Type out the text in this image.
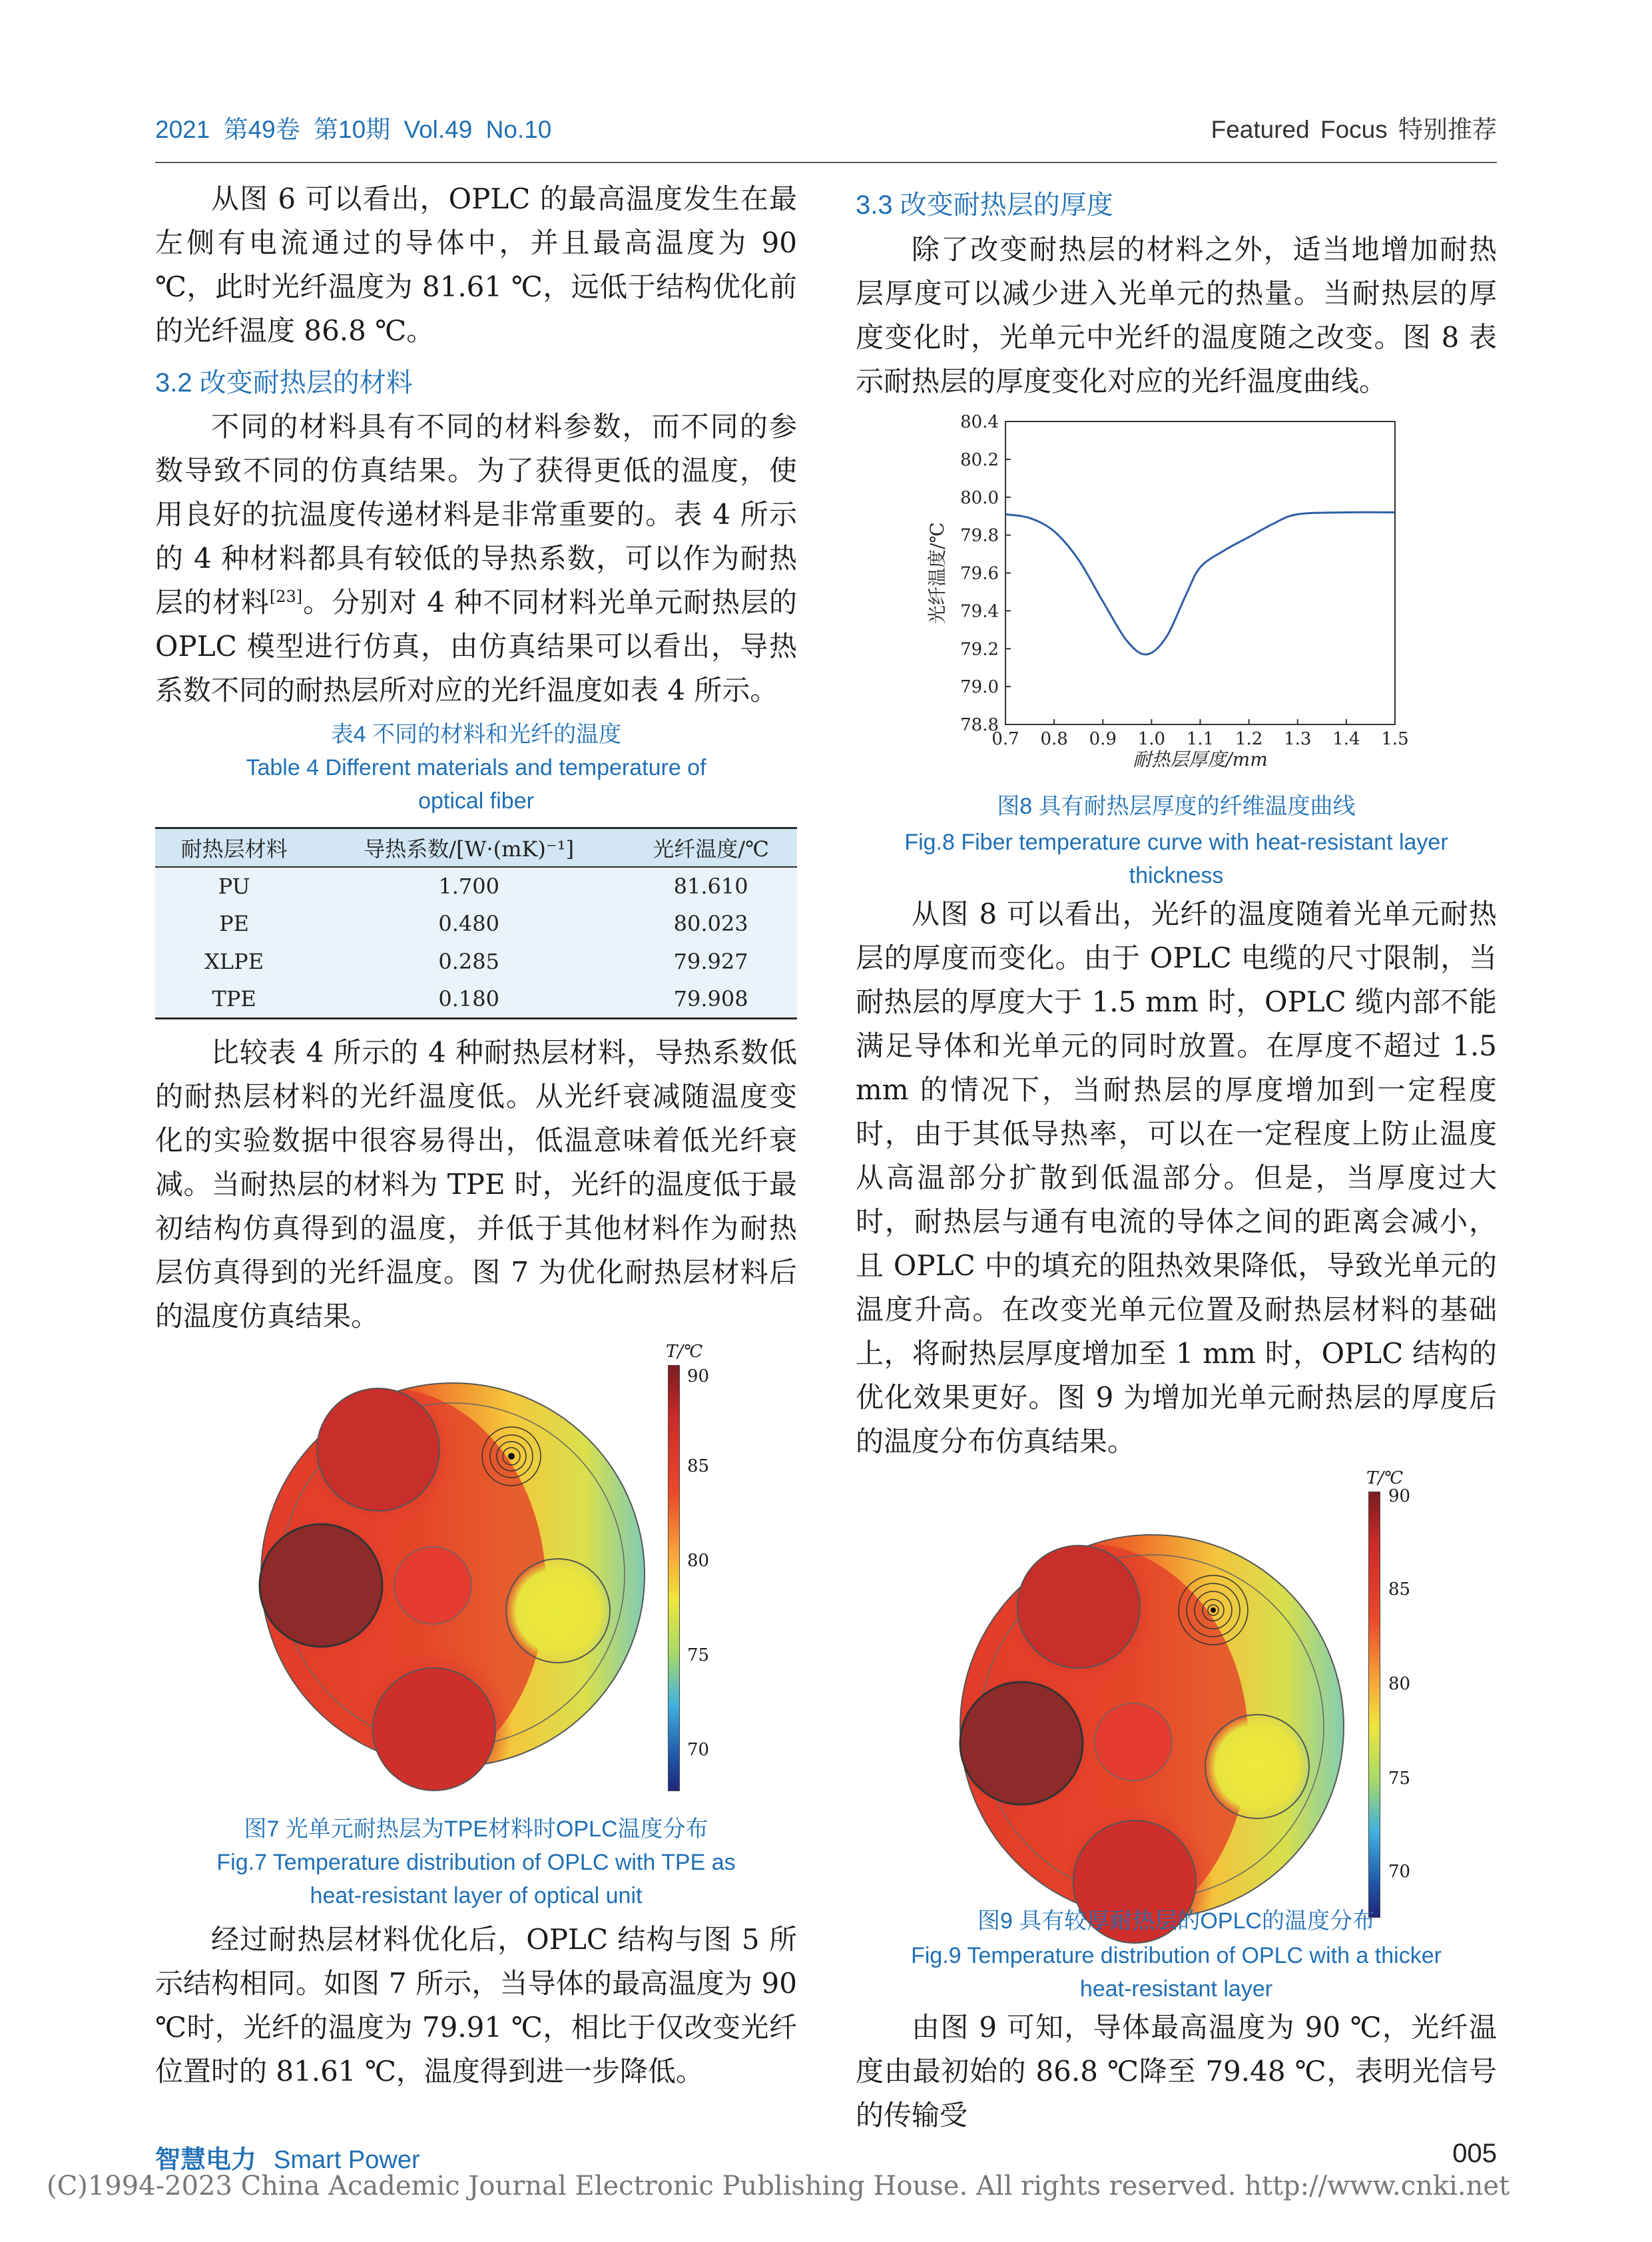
2021 第49卷 第10期 Vol.49 No.10	Featured Focus 特别推荐

从图 6 可以看出，OPLC 的最高温度发生在最左侧有电流通过的导体中，并且最高温度为 90 ℃，此时光纤温度为 81.61 ℃，远低于结构优化前的光纤温度 86.8 ℃。

3.2 改变耐热层的材料

不同的材料具有不同的材料参数，而不同的参数导致不同的仿真结果。为了获得更低的温度，使用良好的抗温度传递材料是非常重要的。表 4 所示的 4 种材料都具有较低的导热系数，可以作为耐热层的材料[23]。分别对 4 种不同材料光单元耐热层的 OPLC 模型进行仿真，由仿真结果可以看出，导热系数不同的耐热层所对应的光纤温度如表 4 所示。

表4 不同的材料和光纤的温度
Table 4 Different materials and temperature of optical fiber
耐热层材料	导热系数/[W·(mK)⁻¹]	光纤温度/℃
PU	1.700	81.610
PE	0.480	80.023
XLPE	0.285	79.927
TPE	0.180	79.908

比较表 4 所示的 4 种耐热层材料，导热系数低的耐热层材料的光纤温度低。从光纤衰减随温度变化的实验数据中很容易得出，低温意味着低光纤衰减。当耐热层的材料为 TPE 时，光纤的温度低于最初结构仿真得到的温度，并低于其他材料作为耐热层仿真得到的光纤温度。图 7 为优化耐热层材料后的温度仿真结果。

T/℃
90
85
80
75
70
图7 光单元耐热层为TPE材料时OPLC温度分布
Fig.7 Temperature distribution of OPLC with TPE as
heat-resistant layer of optical unit

经过耐热层材料优化后，OPLC 结构与图 5 所示结构相同。如图 7 所示，当导体的最高温度为 90 ℃时，光纤的温度为 79.91 ℃，相比于仅改变光纤位置时的 81.61 ℃，温度得到进一步降低。

3.3 改变耐热层的厚度

除了改变耐热层的材料之外，适当地增加耐热层厚度可以减少进入光单元的热量。当耐热层的厚度变化时，光单元中光纤的温度随之改变。图 8 表示耐热层的厚度变化对应的光纤温度曲线。

78.8
79.0
79.2
79.4
79.6
79.8
80.0
80.2
80.4
0.7 0.8 0.9 1.0 1.1 1.2 1.3 1.4 1.5
耐热层厚度/mm
光纤温度/℃
图8 具有耐热层厚度的纤维温度曲线
Fig.8 Fiber temperature curve with heat-resistant layer
thickness

从图 8 可以看出，光纤的温度随着光单元耐热层的厚度而变化。由于 OPLC 电缆的尺寸限制，当耐热层的厚度大于 1.5 mm 时，OPLC 缆内部不能满足导体和光单元的同时放置。在厚度不超过 1.5 mm 的情况下，当耐热层的厚度增加到一定程度时，由于其低导热率，可以在一定程度上防止温度从高温部分扩散到低温部分。但是，当厚度过大时，耐热层与通有电流的导体之间的距离会减小，且 OPLC 中的填充的阻热效果降低，导致光单元的温度升高。在改变光单元位置及耐热层材料的基础上，将耐热层厚度增加至 1 mm 时，OPLC 结构的优化效果更好。图 9 为增加光单元耐热层的厚度后的温度分布仿真结果。

T/℃
90
85
80
75
70
图9 具有较厚耐热层的OPLC的温度分布
Fig.9 Temperature distribution of OPLC with a thicker
heat-resistant layer

由图 9 可知，导体最高温度为 90 ℃，光纤温度由最初始的 86.8 ℃降至 79.48 ℃，表明光信号的传输受

智慧电力 Smart Power	005
(C)1994-2023 China Academic Journal Electronic Publishing House. All rights reserved. http://www.cnki.net
